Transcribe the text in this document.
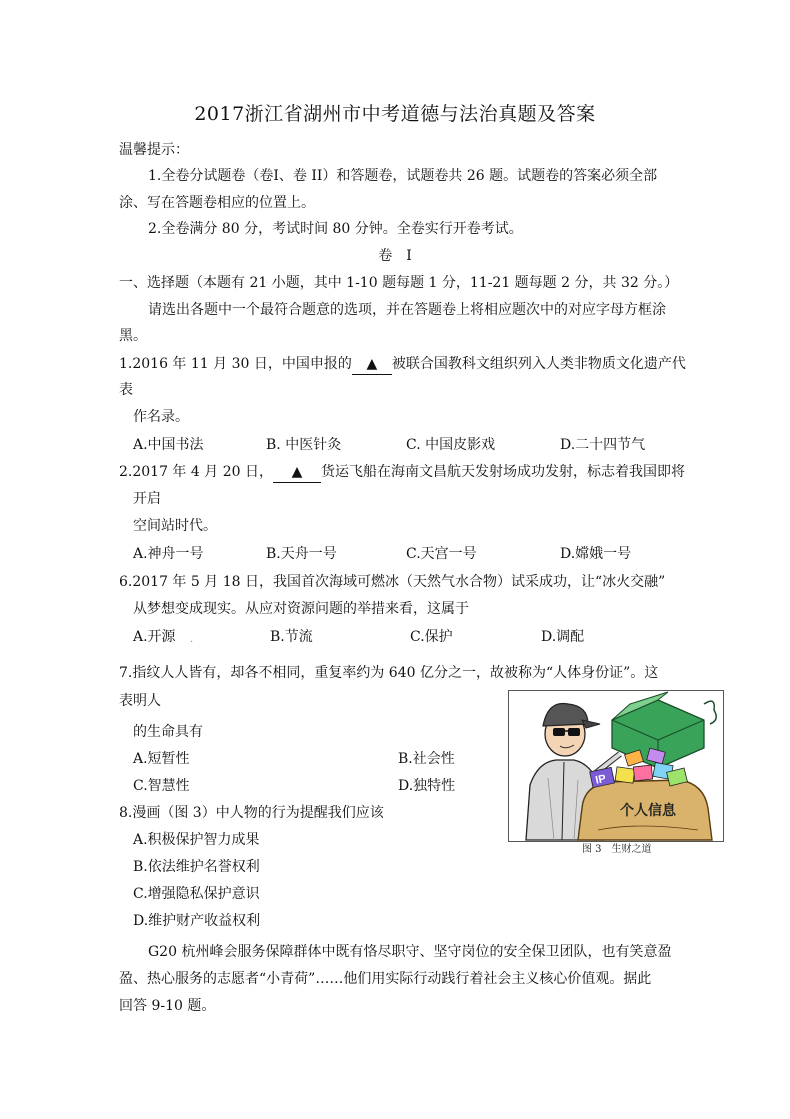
2017浙江省湖州市中考道德与法治真题及答案
温馨提示：
1.全卷分试题卷（卷Ⅰ、卷 II）和答题卷，试题卷共 26 题。试题卷的答案必须全部
涂、写在答题卷相应的位置上。
2.全卷满分 80 分，考试时间 80 分钟。全卷实行开卷考试。
卷　Ⅰ
一、选择题（本题有 21 小题，其中 1-10 题每题 1 分，11-21 题每题 2 分，共 32 分。）
请选出各题中一个最符合题意的选项，并在答题卷上将相应题次中的对应字母方框涂
黑。
1.2016 年 11 月 30 日，中国申报的 ▲ 被联合国教科文组织列入人类非物质文化遗产代
表
作名录。
A.中国书法	B. 中医针灸	C. 中国皮影戏	D.二十四节气
2.2017 年 4 月 20 日， ▲ 货运飞船在海南文昌航天发射场成功发射，标志着我国即将
开启
空间站时代。
A.神舟一号	B.天舟一号	C.天宫一号	D.嫦娥一号
6.2017 年 5 月 18 日，我国首次海域可燃冰（天然气水合物）试采成功，让“冰火交融”
从梦想变成现实。从应对资源问题的举措来看，这属于
A.开源 .	B.节流	C.保护	D.调配
7.指纹人人皆有，却各不相同，重复率约为 640 亿分之一，故被称为“人体身份证”。这
表明人
的生命具有
A.短暂性	B.社会性
C.智慧性	D.独特性
8.漫画（图 3）中人物的行为提醒我们应该
A.积极保护智力成果
B.依法维护名誉权利
C.增强隐私保护意识
D.维护财产收益权利
IP
个人信息
图 3　生财之道
G20 杭州峰会服务保障群体中既有恪尽职守、坚守岗位的安全保卫团队，也有笑意盈
盈、热心服务的志愿者“小青荷”……他们用实际行动践行着社会主义核心价值观。据此
回答 9-10 题。
